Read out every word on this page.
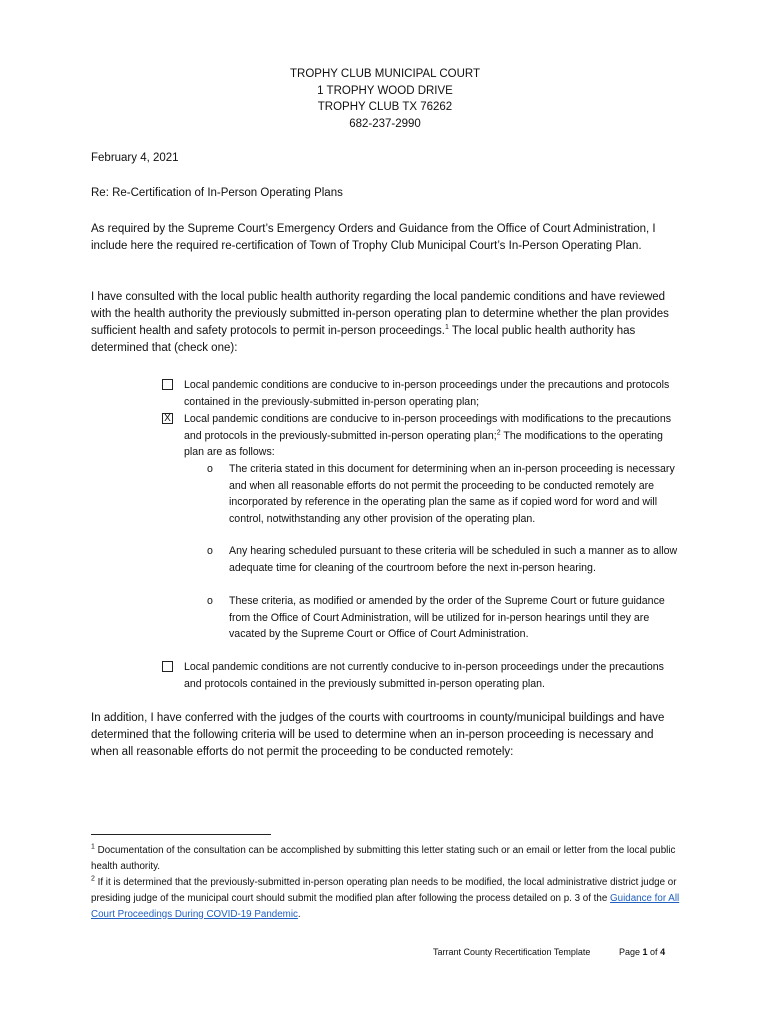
TROPHY CLUB MUNICIPAL COURT
1 TROPHY WOOD DRIVE
TROPHY CLUB TX 76262
682-237-2990
February 4, 2021
Re: Re-Certification of In-Person Operating Plans
As required by the Supreme Court’s Emergency Orders and Guidance from the Office of Court Administration, I include here the required re-certification of Town of Trophy Club Municipal Court’s In-Person Operating Plan.
I have consulted with the local public health authority regarding the local pandemic conditions and have reviewed with the health authority the previously submitted in-person operating plan to determine whether the plan provides sufficient health and safety protocols to permit in-person proceedings.$^1$ The local public health authority has determined that (check one):
Local pandemic conditions are conducive to in-person proceedings under the precautions and protocols contained in the previously-submitted in-person operating plan;
X Local pandemic conditions are conducive to in-person proceedings with modifications to the precautions and protocols in the previously-submitted in-person operating plan;$^2$ The modifications to the operating plan are as follows:
o The criteria stated in this document for determining when an in-person proceeding is necessary and when all reasonable efforts do not permit the proceeding to be conducted remotely are incorporated by reference in the operating plan the same as if copied word for word and will control, notwithstanding any other provision of the operating plan.
o Any hearing scheduled pursuant to these criteria will be scheduled in such a manner as to allow adequate time for cleaning of the courtroom before the next in-person hearing.
o These criteria, as modified or amended by the order of the Supreme Court or future guidance from the Office of Court Administration, will be utilized for in-person hearings until they are vacated by the Supreme Court or Office of Court Administration.
Local pandemic conditions are not currently conducive to in-person proceedings under the precautions and protocols contained in the previously submitted in-person operating plan.
In addition, I have conferred with the judges of the courts with courtrooms in county/municipal buildings and have determined that the following criteria will be used to determine when an in-person proceeding is necessary and when all reasonable efforts do not permit the proceeding to be conducted remotely:
$^1$ Documentation of the consultation can be accomplished by submitting this letter stating such or an email or letter from the local public health authority.
$^2$ If it is determined that the previously-submitted in-person operating plan needs to be modified, the local administrative district judge or presiding judge of the municipal court should submit the modified plan after following the process detailed on p. 3 of the Guidance for All Court Proceedings During COVID-19 Pandemic.
Tarrant County Recertification Template	Page 1 of 4
